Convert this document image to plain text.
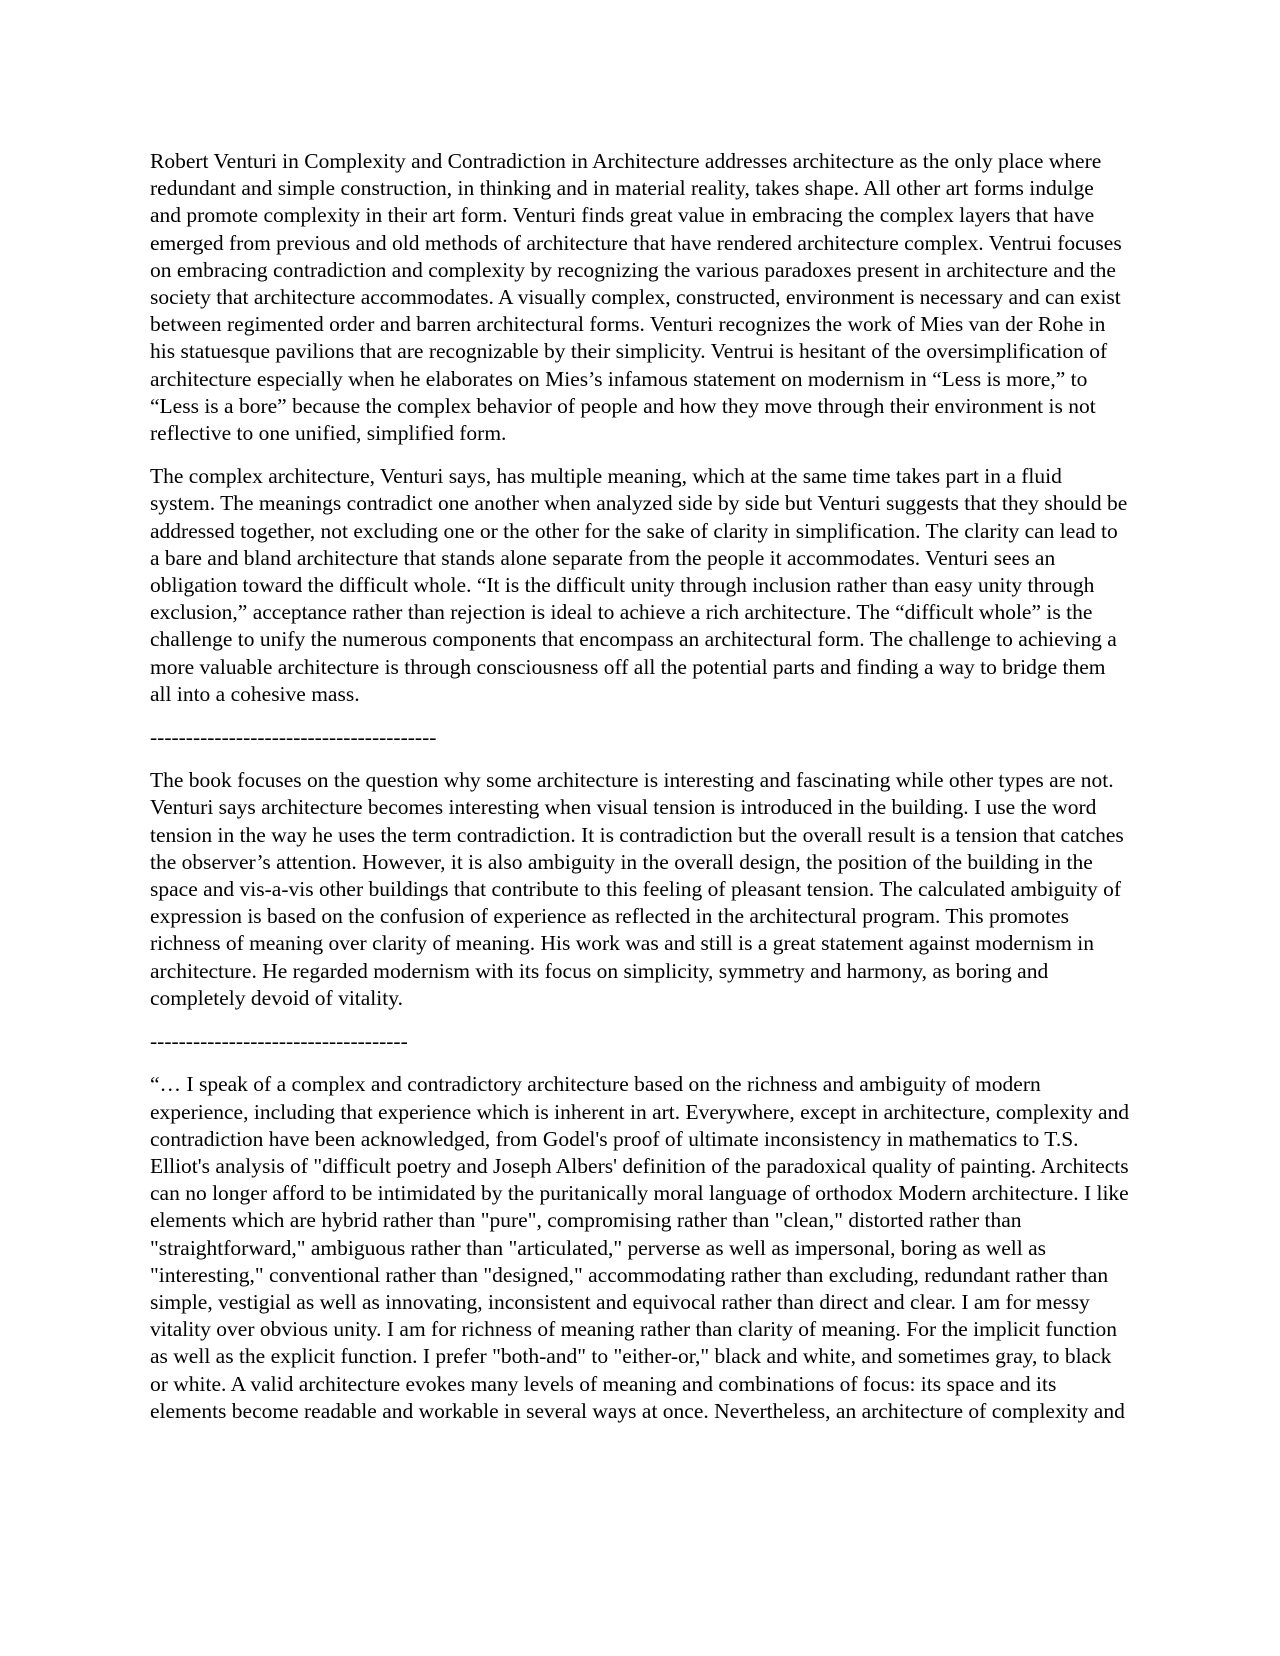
Robert Venturi in Complexity and Contradiction in Architecture addresses architecture as the only place where redundant and simple construction, in thinking and in material reality, takes shape. All other art forms indulge and promote complexity in their art form. Venturi finds great value in embracing the complex layers that have emerged from previous and old methods of architecture that have rendered architecture complex. Ventrui focuses on embracing contradiction and complexity by recognizing the various paradoxes present in architecture and the society that architecture accommodates. A visually complex, constructed, environment is necessary and can exist between regimented order and barren architectural forms. Venturi recognizes the work of Mies van der Rohe in his statuesque pavilions that are recognizable by their simplicity. Ventrui is hesitant of the oversimplification of architecture especially when he elaborates on Mies’s infamous statement on modernism in “Less is more,” to “Less is a bore” because the complex behavior of people and how they move through their environment is not reflective to one unified, simplified form.

The complex architecture, Venturi says, has multiple meaning, which at the same time takes part in a fluid system. The meanings contradict one another when analyzed side by side but Venturi suggests that they should be addressed together, not excluding one or the other for the sake of clarity in simplification. The clarity can lead to a bare and bland architecture that stands alone separate from the people it accommodates. Venturi sees an obligation toward the difficult whole. “It is the difficult unity through inclusion rather than easy unity through exclusion,” acceptance rather than rejection is ideal to achieve a rich architecture. The “difficult whole” is the challenge to unify the numerous components that encompass an architectural form. The challenge to achieving a more valuable architecture is through consciousness off all the potential parts and finding a way to bridge them all into a cohesive mass.

----------------------------------------

The book focuses on the question why some architecture is interesting and fascinating while other types are not. Venturi says architecture becomes interesting when visual tension is introduced in the building. I use the word tension in the way he uses the term contradiction. It is contradiction but the overall result is a tension that catches the observer’s attention. However, it is also ambiguity in the overall design, the position of the building in the space and vis-a-vis other buildings that contribute to this feeling of pleasant tension. The calculated ambiguity of expression is based on the confusion of experience as reflected in the architectural program. This promotes richness of meaning over clarity of meaning. His work was and still is a great statement against modernism in architecture. He regarded modernism with its focus on simplicity, symmetry and harmony, as boring and completely devoid of vitality.

------------------------------------

“… I speak of a complex and contradictory architecture based on the richness and ambiguity of modern experience, including that experience which is inherent in art. Everywhere, except in architecture, complexity and contradiction have been acknowledged, from Godel's proof of ultimate inconsistency in mathematics to T.S. Elliot's analysis of "difficult poetry and Joseph Albers' definition of the paradoxical quality of painting. Architects can no longer afford to be intimidated by the puritanically moral language of orthodox Modern architecture. I like elements which are hybrid rather than "pure", compromising rather than "clean," distorted rather than "straightforward," ambiguous rather than "articulated," perverse as well as impersonal, boring as well as "interesting," conventional rather than "designed," accommodating rather than excluding, redundant rather than simple, vestigial as well as innovating, inconsistent and equivocal rather than direct and clear. I am for messy vitality over obvious unity. I am for richness of meaning rather than clarity of meaning. For the implicit function as well as the explicit function. I prefer "both-and" to "either-or," black and white, and sometimes gray, to black or white. A valid architecture evokes many levels of meaning and combinations of focus: its space and its elements become readable and workable in several ways at once. Nevertheless, an architecture of complexity and
